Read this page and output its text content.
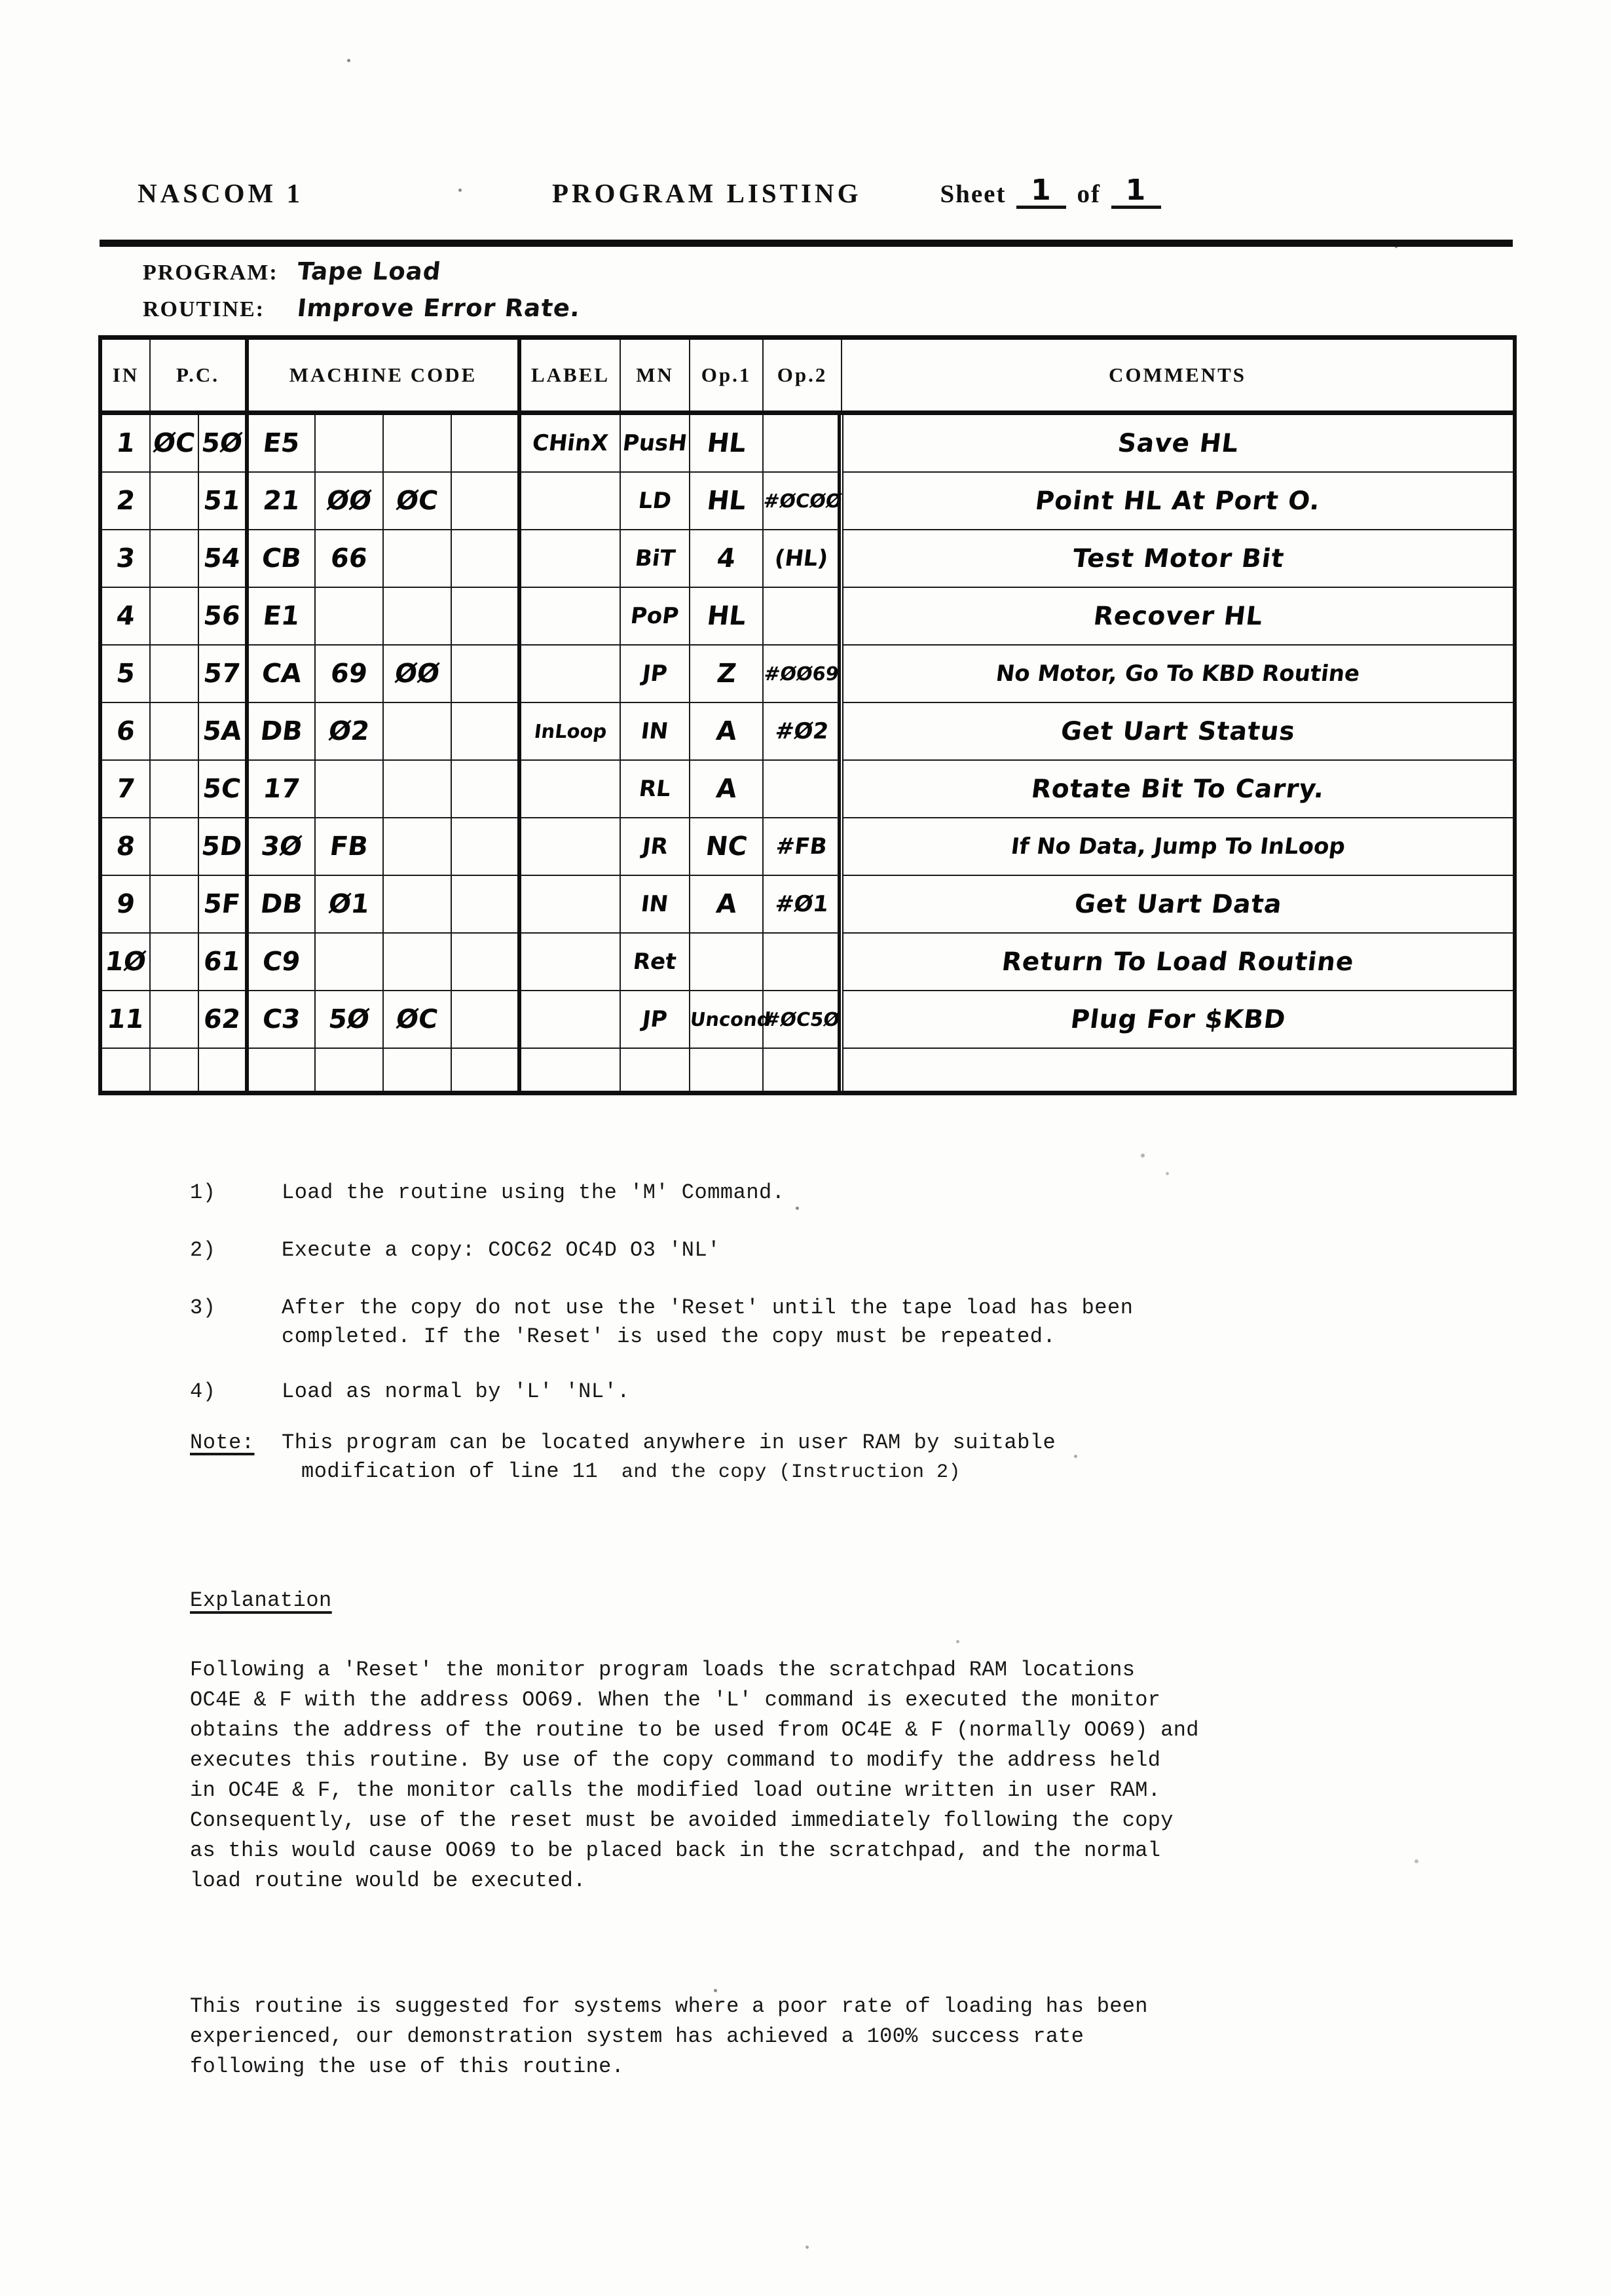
NASCOM 1	PROGRAM LISTING	Sheet 1 of 1
PROGRAM: Tape Load
ROUTINE:	Improve Error Rate.
IN	P.C.		MACHINE CODE				LABEL	MN	Op.1	Op.2	COMMENTS
1	ØC	5Ø	E5				CHinX	PusH	HL		Save HL
2		51	21	ØØ	ØC			LD	HL	#ØCØØ	Point HL At Port O.
3		54	CB	66				BiT	4	(HL)	Test Motor Bit
4		56	E1					PoP	HL		Recover HL
5		57	CA	69	ØØ			JP	Z	#ØØ69	No Motor, Go To KBD Routine
6		5A	DB	Ø2			InLoop	IN	A	#Ø2	Get Uart Status
7		5C	17					RL	A		Rotate Bit To Carry.
8		5D	3Ø	FB				JR	NC	#FB	If No Data, Jump To InLoop
9		5F	DB	Ø1				IN	A	#Ø1	Get Uart Data
1Ø		61	C9					Ret			Return To Load Routine
11		62	C3	5Ø	ØC			JP	Uncond	#ØC5Ø	Plug For $KBD

1)	Load the routine using the 'M' Command.
2)	Execute a copy: COC62 OC4D O3 'NL'
3)	After the copy do not use the 'Reset' until the tape load has been
completed. If the 'Reset' is used the copy must be repeated.
4)	Load as normal by 'L' 'NL'.
Note:	This program can be located anywhere in user RAM by suitable
modification of line 11 and the copy (Instruction 2)
Explanation
Following a 'Reset' the monitor program loads the scratchpad RAM locations
OC4E & F with the address OO69. When the 'L' command is executed the monitor
obtains the address of the routine to be used from OC4E & F (normally OO69) and
executes this routine. By use of the copy command to modify the address held
in OC4E & F, the monitor calls the modified load outine written in user RAM.
Consequently, use of the reset must be avoided immediately following the copy
as this would cause OO69 to be placed back in the scratchpad, and the normal
load routine would be executed.
This routine is suggested for systems where a poor rate of loading has been
experienced, our demonstration system has achieved a 100% success rate
following the use of this routine.
